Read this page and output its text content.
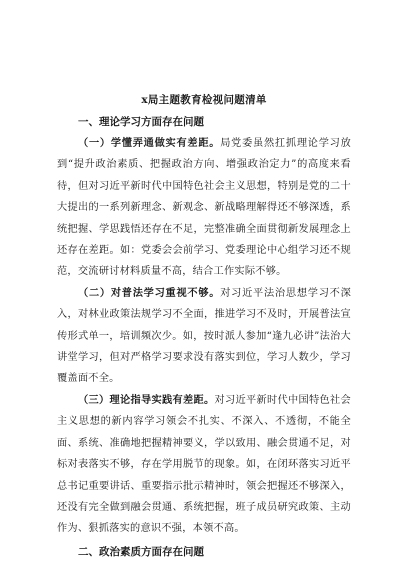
x局主题教育检视问题清单
一、理论学习方面存在问题

（一）学懂弄通做实有差距。局党委虽然扛抓理论学习放到“提升政治素质、把握政治方向、增强政治定力”的高度来看待，但对习近平新时代中国特色社会主义思想，特别是党的二十大提出的一系列新理念、新观念、新战略理解得还不够深透，系统把握、学思践悟还存在不足，完整准确全面贯彻新发展理念上还存在差距。如：党委会会前学习、党委理论中心组学习还不规范，交流研讨材料质量不高，结合工作实际不够。

（二）对普法学习重视不够。对习近平法治思想学习不深入，对林业政策法规学习不全面，推进学习不及时，开展普法宣传形式单一，培训频次少。如，按时派人参加“逢九必讲”法治大讲堂学习，但对严格学习要求没有落实到位，学习人数少，学习覆盖面不全。

（三）理论指导实践有差距。对习近平新时代中国特色社会主义思想的新内容学习领会不扎实、不深入、不透彻，不能全面、系统、准确地把握精神要义，学以致用、融会贯通不足，对标对表落实不够，存在学用脱节的现象。如，在闭环落实习近平总书记重要讲话、重要指示批示精神时，领会把握还不够深入，还没有完全做到融会贯通、系统把握，班子成员研究政策、主动作为、狠抓落实的意识不强，本领不高。

二、政治素质方面存在问题
